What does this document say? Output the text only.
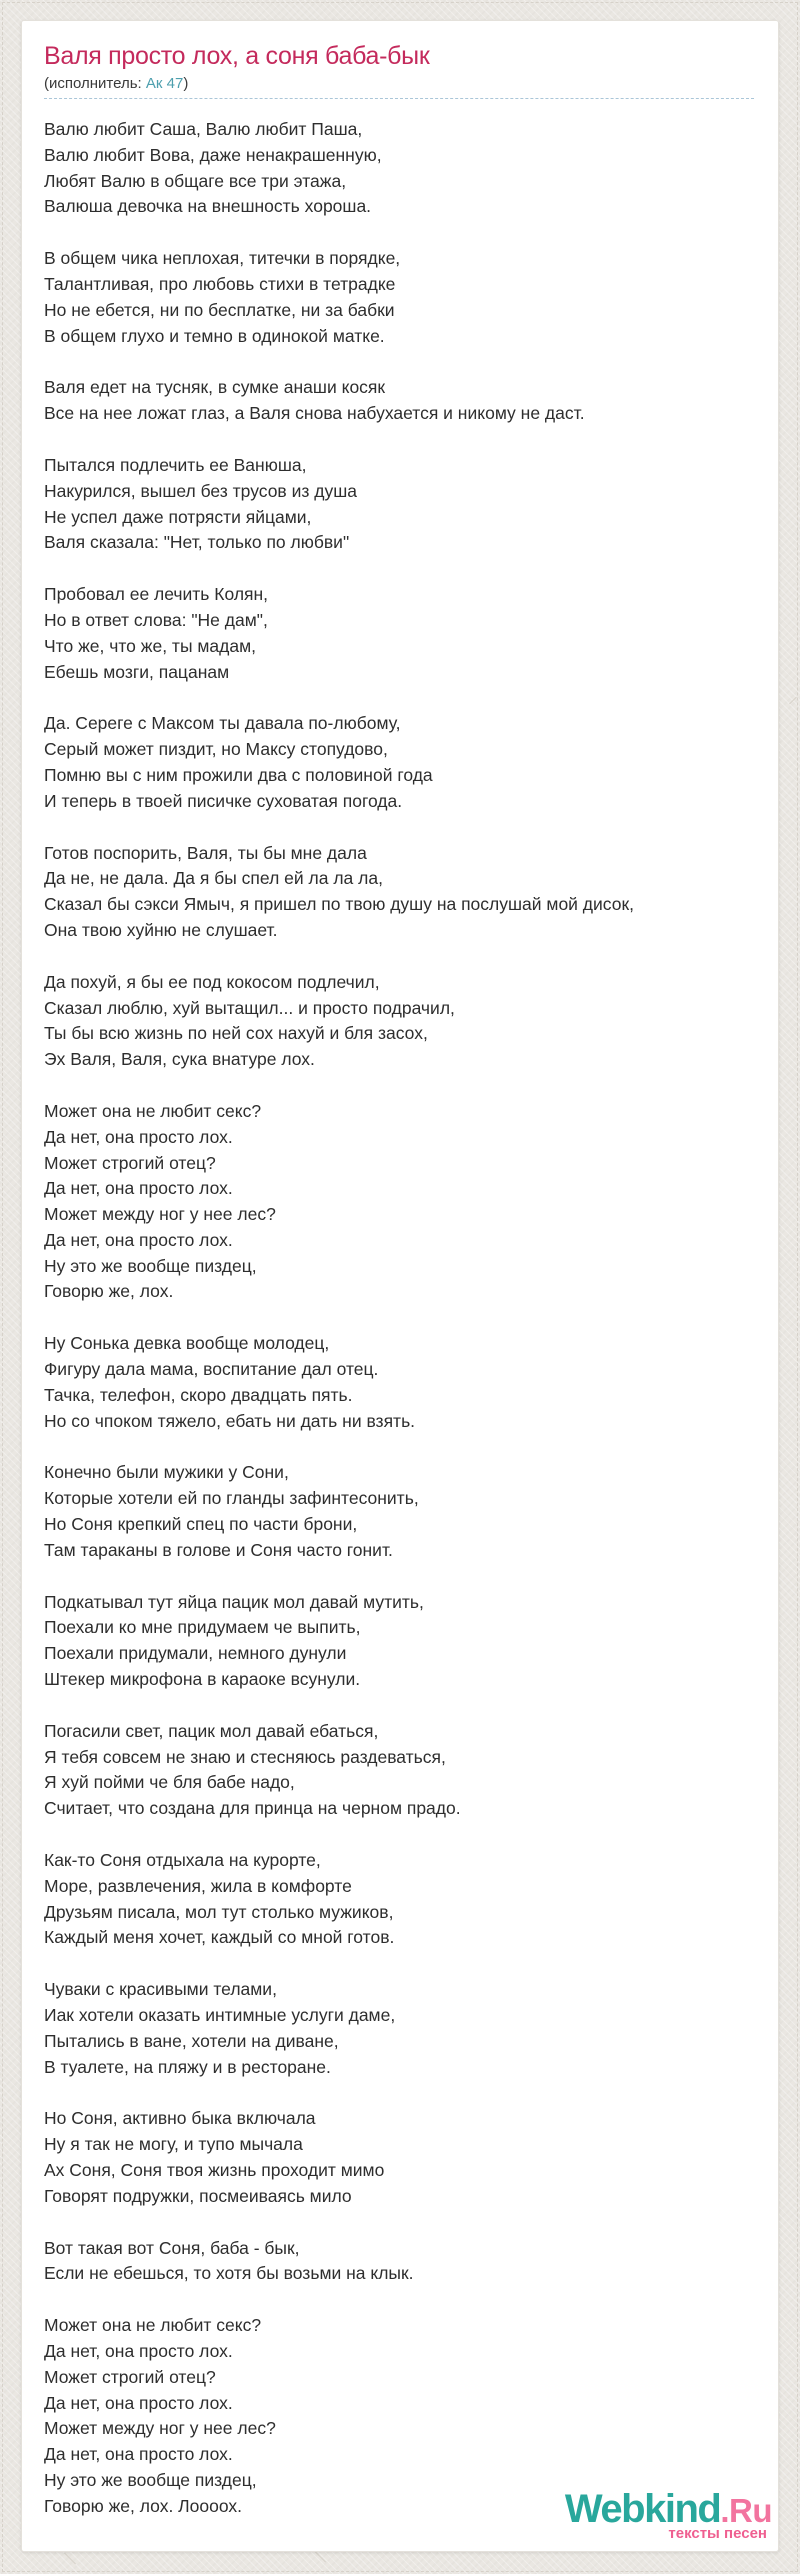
Валя просто лох, а соня баба-бык
(исполнитель: Ак 47)

Валю любит Саша, Валю любит Паша,
Валю любит Вова, даже ненакрашенную,
Любят Валю в общаге все три этажа,
Валюша девочка на внешность хороша.

В общем чика неплохая, титечки в порядке,
Талантливая, про любовь стихи в тетрадке
Но не ебется, ни по бесплатке, ни за бабки
В общем глухо и темно в одинокой матке.

Валя едет на тусняк, в сумке анаши косяк
Все на нее ложат глаз, а Валя снова набухается и никому не даст.

Пытался подлечить ее Ванюша,
Накурился, вышел без трусов из душа
Не успел даже потрясти яйцами,
Валя сказала: "Нет, только по любви"

Пробовал ее лечить Колян,
Но в ответ слова: "Не дам",
Что же, что же, ты мадам,
Ебешь мозги, пацанам

Да. Сереге с Максом ты давала по-любому,
Серый может пиздит, но Максу стопудово,
Помню вы с ним прожили два с половиной года
И теперь в твоей писичке суховатая погода.

Готов поспорить, Валя, ты бы мне дала
Да не, не дала. Да я бы спел ей ла ла ла,
Сказал бы сэкси Ямыч, я пришел по твою душу на послушай мой дисок,
Она твою хуйню не слушает.

Да похуй, я бы ее под кокосом подлечил,
Сказал люблю, хуй вытащил... и просто подрачил,
Ты бы всю жизнь по ней сох нахуй и бля засох,
Эх Валя, Валя, сука внатуре лох.

Может она не любит секс?
Да нет, она просто лох.
Может строгий отец?
Да нет, она просто лох.
Может между ног у нее лес?
Да нет, она просто лох.
Ну это же вообще пиздец,
Говорю же, лох.

Ну Сонька девка вообще молодец,
Фигуру дала мама, воспитание дал отец.
Тачка, телефон, скоро двадцать пять.
Но со чпоком тяжело, ебать ни дать ни взять.

Конечно были мужики у Сони,
Которые хотели ей по гланды зафинтесонить,
Но Соня крепкий спец по части брони,
Там тараканы в голове и Соня часто гонит.

Подкатывал тут яйца пацик мол давай мутить,
Поехали ко мне придумаем че выпить,
Поехали придумали, немного дунули
Штекер микрофона в караоке всунули.

Погасили свет, пацик мол давай ебаться,
Я тебя совсем не знаю и стесняюсь раздеваться,
Я хуй пойми че бля бабе надо,
Считает, что создана для принца на черном прадо.

Как-то Соня отдыхала на курорте,
Море, развлечения, жила в комфорте
Друзьям писала, мол тут столько мужиков,
Каждый меня хочет, каждый со мной готов.

Чуваки с красивыми телами,
Иак хотели оказать интимные услуги даме,
Пытались в ване, хотели на диване,
В туалете, на пляжу и в ресторане.

Но Соня, активно быка включала
Ну я так не могу, и тупо мычала
Ах Соня, Соня твоя жизнь проходит мимо
Говорят подружки, посмеиваясь мило

Вот такая вот Соня, баба - бык,
Если не ебешься, то хотя бы возьми на клык.

Может она не любит секс?
Да нет, она просто лох.
Может строгий отец?
Да нет, она просто лох.
Может между ног у нее лес?
Да нет, она просто лох.
Ну это же вообще пиздец,
Говорю же, лох. Лоооох.	Webkind.Ru
тексты песен
